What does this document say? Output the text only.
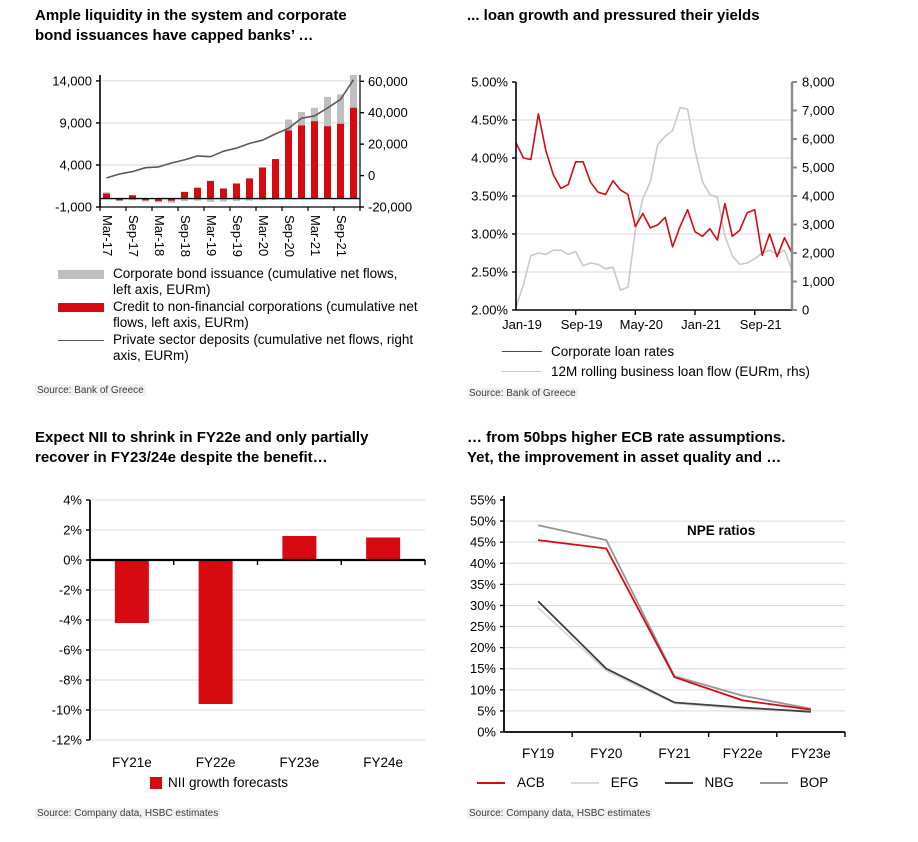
Ample liquidity in the system and corporate
bond issuances have capped banks’ …
-1,000
4,000
9,000
14,000
-20,000
0
20,000
40,000
60,000
Mar-17 Sep-17 Mar-18 Sep-18 Mar-19 Sep-19 Mar-20 Sep-20 Mar-21 Sep-21
Corporate bond issuance (cumulative net flows, left axis, EURm)
Credit to non-financial corporations (cumulative net flows, left axis, EURm)
Private sector deposits (cumulative net flows, right axis, EURm)
Source: Bank of Greece
... loan growth and pressured their yields
2.00%
2.50%
3.00%
3.50%
4.00%
4.50%
5.00%
0
1,000
2,000
3,000
4,000
5,000
6,000
7,000
8,000
Jan-19 Sep-19 May-20 Jan-21 Sep-21
Corporate loan rates
12M rolling business loan flow (EURm, rhs)
Source: Bank of Greece
Expect NII to shrink in FY22e and only partially
recover in FY23/24e despite the benefit…
4%
2%
0%
-2%
-4%
-6%
-8%
-10%
-12%
FY21e	FY22e	FY23e	FY24e
NII growth forecasts
Source: Company data, HSBC estimates
… from 50bps higher ECB rate assumptions.
Yet, the improvement in asset quality and …
0%
5%
10%
15%
20%
25%
30%
35%
40%
45%
50%
55%
FY19	FY20	FY21 FY22e FY23e
NPE ratios
ACB	EFG	NBG	BOP
Source: Company data, HSBC estimates
